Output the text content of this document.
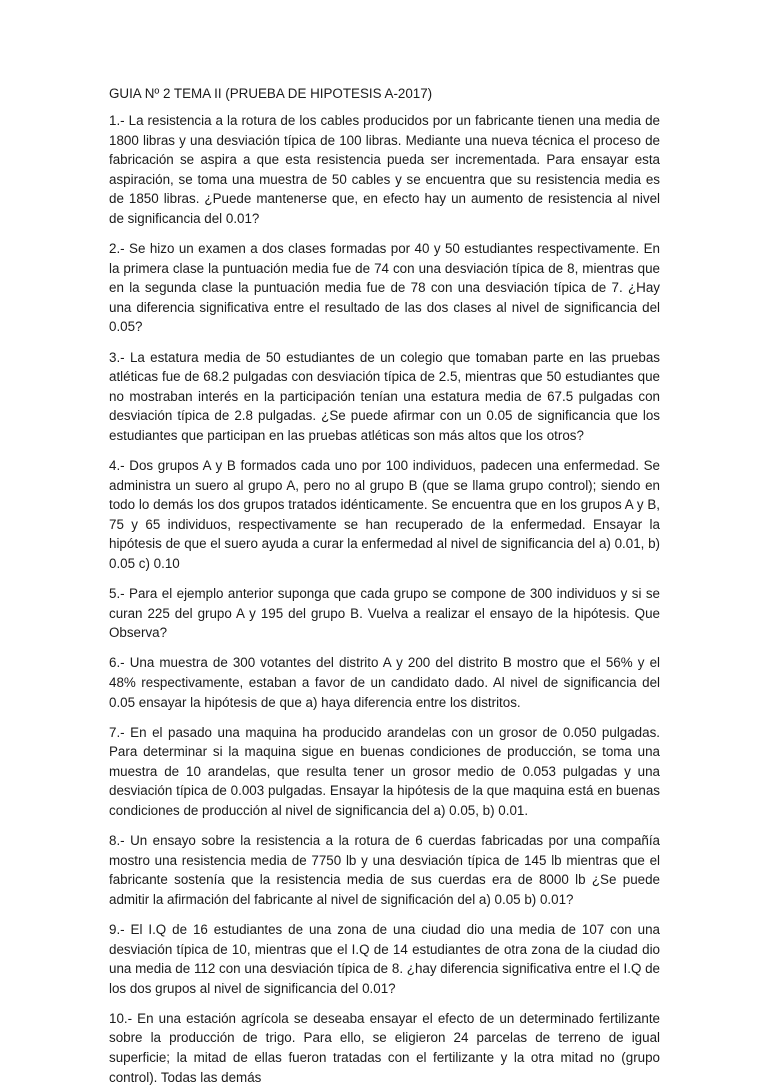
GUIA Nº 2 TEMA II (PRUEBA DE HIPOTESIS A-2017)

1.- La resistencia a la rotura de los cables producidos por un fabricante tienen una media de 1800 libras y una desviación típica de 100 libras. Mediante una nueva técnica el proceso de fabricación se aspira a que esta resistencia pueda ser incrementada. Para ensayar esta aspiración, se toma una muestra de 50 cables y se encuentra que su resistencia media es de 1850 libras. ¿Puede mantenerse que, en efecto hay un aumento de resistencia al nivel de significancia del 0.01?

2.- Se hizo un examen a dos clases formadas por 40 y 50 estudiantes respectivamente. En la primera clase la puntuación media fue de 74 con una desviación típica de 8, mientras que en la segunda clase la puntuación media fue de 78 con una desviación típica de 7. ¿Hay una diferencia significativa entre el resultado de las dos clases al nivel de significancia del 0.05?

3.- La estatura media de 50 estudiantes de un colegio que tomaban parte en las pruebas atléticas fue de 68.2 pulgadas con desviación típica de 2.5, mientras que 50 estudiantes que no mostraban interés en la participación tenían una estatura media de 67.5 pulgadas con desviación típica de 2.8 pulgadas. ¿Se puede afirmar con un 0.05 de significancia que los estudiantes que participan en las pruebas atléticas son más altos que los otros?

4.- Dos grupos A y B formados cada uno por 100 individuos, padecen una enfermedad. Se administra un suero al grupo A, pero no al grupo B (que se llama grupo control); siendo en todo lo demás los dos grupos tratados idénticamente. Se encuentra que en los grupos A y B, 75 y 65 individuos, respectivamente se han recuperado de la enfermedad. Ensayar la hipótesis de que el suero ayuda a curar la enfermedad al nivel de significancia del a) 0.01, b) 0.05 c) 0.10

5.- Para el ejemplo anterior suponga que cada grupo se compone de 300 individuos y si se curan 225 del grupo A y 195 del grupo B. Vuelva a realizar el ensayo de la hipótesis. Que Observa?

6.- Una muestra de 300 votantes del distrito A y 200 del distrito B mostro que el 56% y el 48% respectivamente, estaban a favor de un candidato dado. Al nivel de significancia del 0.05 ensayar la hipótesis de que a) haya diferencia entre los distritos.

7.- En el pasado una maquina ha producido arandelas con un grosor de 0.050 pulgadas. Para determinar si la maquina sigue en buenas condiciones de producción, se toma una muestra de 10 arandelas, que resulta tener un grosor medio de 0.053 pulgadas y una desviación típica de 0.003 pulgadas. Ensayar la hipótesis de la que maquina está en buenas condiciones de producción al nivel de significancia del a) 0.05, b) 0.01.

8.- Un ensayo sobre la resistencia a la rotura de 6 cuerdas fabricadas por una compañía mostro una resistencia media de 7750 lb y una desviación típica de 145 lb mientras que el fabricante sostenía que la resistencia media de sus cuerdas era de 8000 lb ¿Se puede admitir la afirmación del fabricante al nivel de significación del a) 0.05 b) 0.01?

9.- El I.Q de 16 estudiantes de una zona de una ciudad dio una media de 107 con una desviación típica de 10, mientras que el I.Q de 14 estudiantes de otra zona de la ciudad dio una media de 112 con una desviación típica de 8. ¿hay diferencia significativa entre el I.Q de los dos grupos al nivel de significancia del 0.01?

10.- En una estación agrícola se deseaba ensayar el efecto de un determinado fertilizante sobre la producción de trigo. Para ello, se eligieron 24 parcelas de terreno de igual superficie; la mitad de ellas fueron tratadas con el fertilizante y la otra mitad no (grupo control). Todas las demás
